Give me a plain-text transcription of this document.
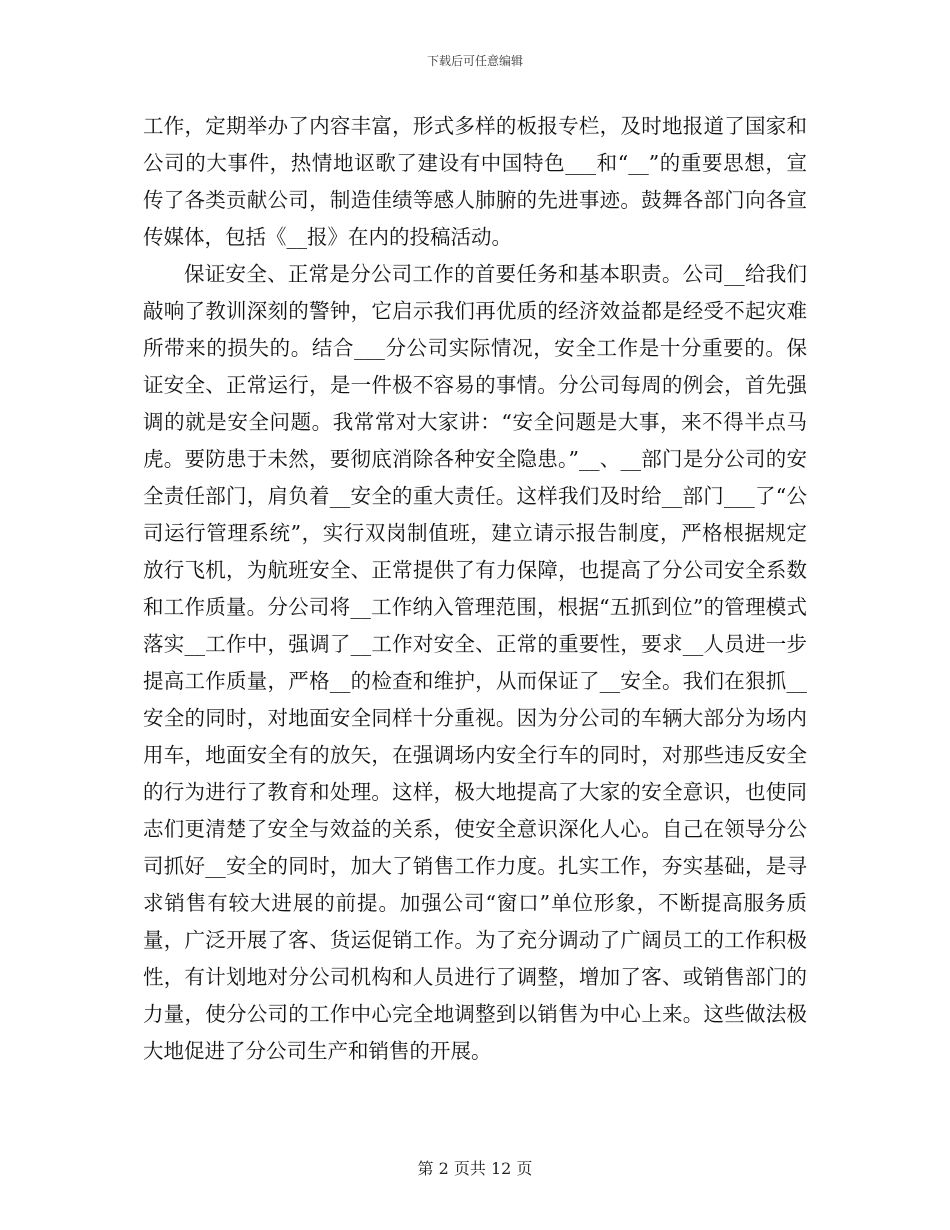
下载后可任意编辑

工作，定期举办了内容丰富，形式多样的板报专栏，及时地报道了国家和公司的大事件，热情地讴歌了建设有中国特色___和“__”的重要思想，宣传了各类贡献公司，制造佳绩等感人肺腑的先进事迹。鼓舞各部门向各宣传媒体，包括《__报》在内的投稿活动。

保证安全、正常是分公司工作的首要任务和基本职责。公司__给我们敲响了教训深刻的警钟，它启示我们再优质的经济效益都是经受不起灾难所带来的损失的。结合___分公司实际情况，安全工作是十分重要的。保证安全、正常运行，是一件极不容易的事情。分公司每周的例会，首先强调的就是安全问题。我常常对大家讲：“安全问题是大事，来不得半点马虎。要防患于未然，要彻底消除各种安全隐患。”__、__部门是分公司的安全责任部门，肩负着__安全的重大责任。这样我们及时给__部门___了“公司运行管理系统”，实行双岗制值班，建立请示报告制度，严格根据规定放行飞机，为航班安全、正常提供了有力保障，也提高了分公司安全系数和工作质量。分公司将__工作纳入管理范围，根据“五抓到位”的管理模式落实__工作中，强调了__工作对安全、正常的重要性，要求__人员进一步提高工作质量，严格__的检查和维护，从而保证了__安全。我们在狠抓__安全的同时，对地面安全同样十分重视。因为分公司的车辆大部分为场内用车，地面安全有的放矢，在强调场内安全行车的同时，对那些违反安全的行为进行了教育和处理。这样，极大地提高了大家的安全意识，也使同志们更清楚了安全与效益的关系，使安全意识深化人心。自己在领导分公司抓好__安全的同时，加大了销售工作力度。扎实工作，夯实基础，是寻求销售有较大进展的前提。加强公司“窗口”单位形象，不断提高服务质量，广泛开展了客、货运促销工作。为了充分调动了广阔员工的工作积极性，有计划地对分公司机构和人员进行了调整，增加了客、或销售部门的力量，使分公司的工作中心完全地调整到以销售为中心上来。这些做法极大地促进了分公司生产和销售的开展。

第 2 页共 12 页
